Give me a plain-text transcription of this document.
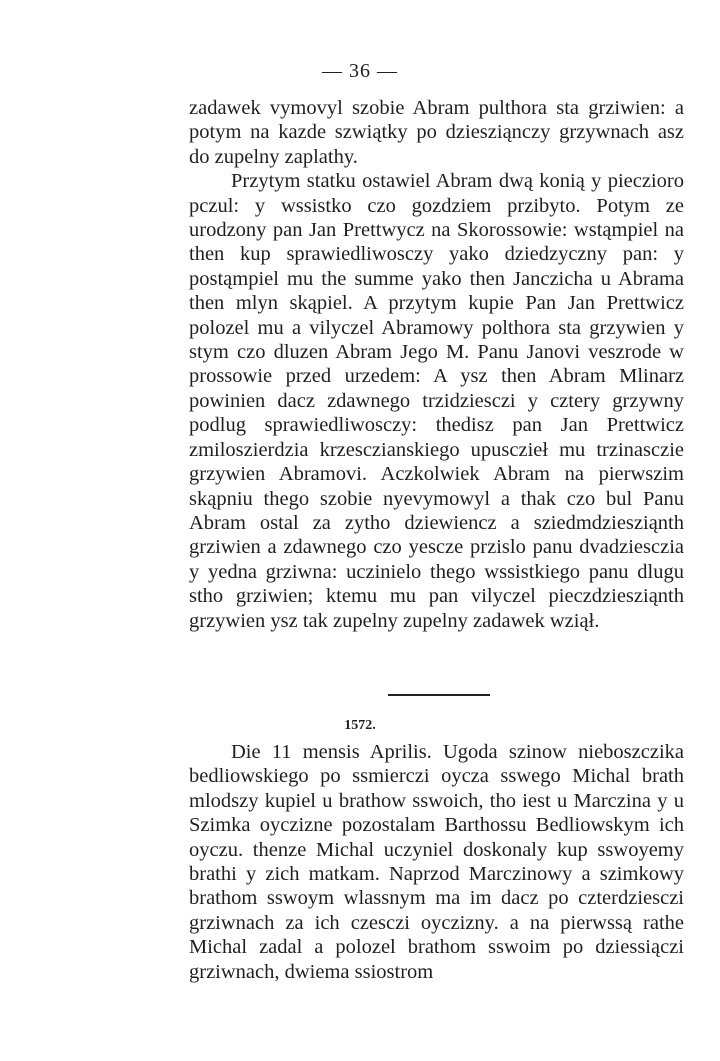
— 36 —

zadawek vymovyl szobie Abram pulthora sta grziwien: a potym na kazde szwiątky po dziesziąnczy grzywnach asz do zupelny zaplathy.

Przytym statku ostawiel Abram dwą konią y pieczioro pczul: y wssistko czo gozdziem przibyto. Potym ze urodzony pan Jan Prettwycz na Skorossowie: wstąmpiel na then kup sprawiedliwosczy yako dziedzyczny pan: y postąmpiel mu the summe yako then Janczicha u Abrama then mlyn skąpiel. A przytym kupie Pan Jan Prettwicz polozel mu a vilyczel Abramowy polthora sta grzywien y stym czo dluzen Abram Jego M. Panu Janovi veszrode w prossowie przed urzedem: A ysz then Abram Mlinarz powinien dacz zdawnego trzidziesczi y cztery grzywny podlug sprawiedliwosczy: thedisz pan Jan Prettwicz zmiloszierdzia krzesczianskiego upusczieł mu trzinasczie grzywien Abramovi. Aczkolwiek Abram na pierwszim skąpniu thego szobie nyevymowyl a thak czo bul Panu Abram ostal za zytho dziewiencz a sziedmdziesziąnth grziwien a zdawnego czo yescze przislo panu dvadziesczia y yedna grziwna: uczinielo thego wssistkiego panu dlugu stho grziwien; ktemu mu pan vilyczel pieczdziesziąnth grzywien ysz tak zupelny zupelny zadawek wziął.

1572.

Die 11 mensis Aprilis. Ugoda szinow nieboszczika bedliowskiego po ssmierczi oycza sswego Michal brath mlodszy kupiel u brathow sswoich, tho iest u Marczina y u Szimka oyczizne pozostalam Barthossu Bedliowskym ich oyczu. thenze Michal uczyniel doskonaly kup sswoyemy brathi y zich matkam. Naprzod Marczinowy a szimkowy brathom sswoym wlassnym ma im dacz po czterdziesczi grziwnach za ich czesczi oyczizny. a na pierwssą rathe Michal zadal a polozel brathom sswoim po dziessiączi grziwnach, dwiema ssiostrom
